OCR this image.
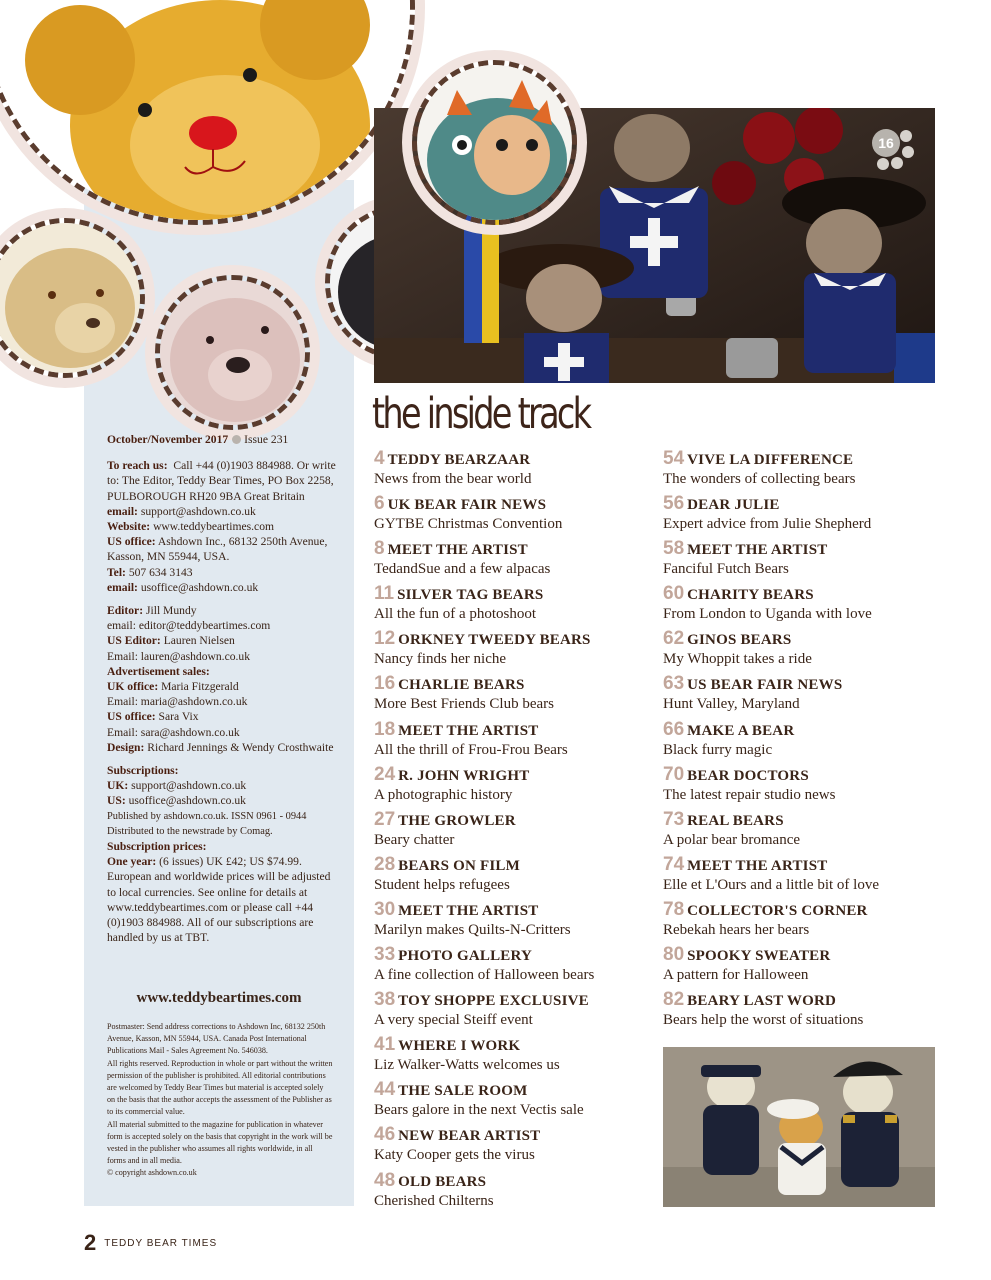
16

October/November 2017 Issue 231

To reach us: Call +44 (0)1903 884988. Or write to: The Editor, Teddy Bear Times, PO Box 2258, PULBOROUGH RH20 9BA Great Britain

email: support@ashdown.co.uk

Website: www.teddybeartimes.com

US office: Ashdown Inc., 68132 250th Avenue, Kasson, MN 55944, USA.

Tel: 507 634 3143

email: usoffice@ashdown.co.uk

Editor: Jill Mundy

email: editor@teddybeartimes.com

US Editor: Lauren Nielsen

Email: lauren@ashdown.co.uk

Advertisement sales:

UK office: Maria Fitzgerald

Email: maria@ashdown.co.uk

US office: Sara Vix

Email: sara@ashdown.co.uk

Design: Richard Jennings & Wendy Crosthwaite

Subscriptions:

UK: support@ashdown.co.uk

US: usoffice@ashdown.co.uk

Published by ashdown.co.uk. ISSN 0961 - 0944

Distributed to the newstrade by Comag.

Subscription prices:

One year: (6 issues) UK £42; US $74.99. European and worldwide prices will be adjusted to local currencies. See online for details at www.teddybeartimes.com or please call +44 (0)1903 884988. All of our subscriptions are handled by us at TBT.

www.teddybeartimes.com

Postmaster: Send address corrections to Ashdown Inc, 68132 250th Avenue, Kasson, MN 55944, USA. Canada Post International Publications Mail - Sales Agreement No. 546038.

All rights reserved. Reproduction in whole or part without the written permission of the publisher is prohibited. All editorial contributions are welcomed by Teddy Bear Times but material is accepted solely on the basis that the author accepts the assessment of the Publisher as to its commercial value.

All material submitted to the magazine for publication in whatever form is accepted solely on the basis that copyright in the work will be vested in the publisher who assumes all rights worldwide, in all forms and in all media.

© copyright ashdown.co.uk

the inside track
4 TEDDY BEARZAAR
News from the bear world
6 UK BEAR FAIR NEWS
GYTBE Christmas Convention
8 MEET THE ARTIST
TedandSue and a few alpacas
11 SILVER TAG BEARS
All the fun of a photoshoot
12 ORKNEY TWEEDY BEARS
Nancy finds her niche
16 CHARLIE BEARS
More Best Friends Club bears
18 MEET THE ARTIST
All the thrill of Frou-Frou Bears
24 R. JOHN WRIGHT
A photographic history
27 THE GROWLER
Beary chatter
28 BEARS ON FILM
Student helps refugees
30 MEET THE ARTIST
Marilyn makes Quilts-N-Critters
33 PHOTO GALLERY
A fine collection of Halloween bears
38 TOY SHOPPE EXCLUSIVE
A very special Steiff event
41 WHERE I WORK
Liz Walker-Watts welcomes us
44 THE SALE ROOM
Bears galore in the next Vectis sale
46 NEW BEAR ARTIST
Katy Cooper gets the virus
48 OLD BEARS
Cherished Chilterns
54 VIVE LA DIFFERENCE
The wonders of collecting bears
56 DEAR JULIE
Expert advice from Julie Shepherd
58 MEET THE ARTIST
Fanciful Futch Bears
60 CHARITY BEARS
From London to Uganda with love
62 GINOS BEARS
My Whoppit takes a ride
63 US BEAR FAIR NEWS
Hunt Valley, Maryland
66 MAKE A BEAR
Black furry magic
70 BEAR DOCTORS
The latest repair studio news
73 REAL BEARS
A polar bear bromance
74 MEET THE ARTIST
Elle et L'Ours and a little bit of love
78 COLLECTOR'S CORNER
Rebekah hears her bears
80 SPOOKY SWEATER
A pattern for Halloween
82 BEARY LAST WORD
Bears help the worst of situations
2 TEDDY BEAR TIMES
